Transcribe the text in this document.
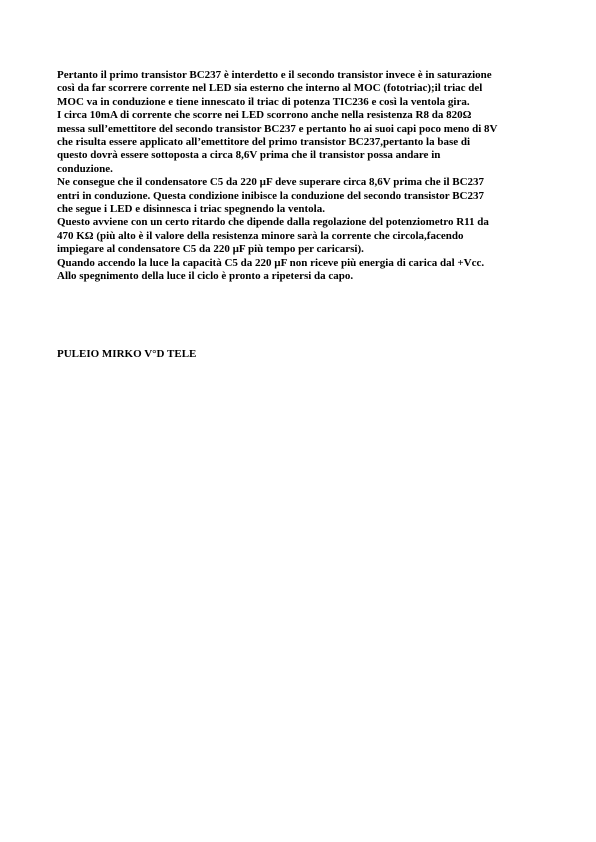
Pertanto il primo transistor BC237 è interdetto e il secondo transistor invece è in saturazione
così da far scorrere corrente nel LED sia esterno che interno al MOC (fototriac);il triac del
MOC va in conduzione e tiene innescato il triac di potenza TIC236 e così la ventola gira.
I circa 10mA di corrente che scorre nei LED scorrono anche nella resistenza R8 da 820Ω
messa sull’emettitore del secondo transistor BC237 e pertanto ho ai suoi capi poco meno di 8V
che risulta essere applicato all’emettitore del primo transistor BC237,pertanto la base di
questo dovrà essere sottoposta a circa 8,6V prima che il transistor possa andare in
conduzione.
Ne consegue che il condensatore C5 da 220 µF deve superare circa 8,6V prima che il BC237
entri in conduzione. Questa condizione inibisce la conduzione del secondo transistor BC237
che segue i LED e disinnesca i triac spegnendo la ventola.
Questo avviene con un certo ritardo che dipende dalla regolazione del potenziometro R11 da
470 KΩ (più alto è il valore della resistenza minore sarà la corrente che circola,facendo
impiegare al condensatore C5 da 220 µF più tempo per caricarsi).
Quando accendo la luce la capacità C5 da 220 µF non riceve più energia di carica dal +Vcc.
Allo spegnimento della luce il ciclo è pronto a ripetersi da capo.
PULEIO MIRKO V°D TELE
